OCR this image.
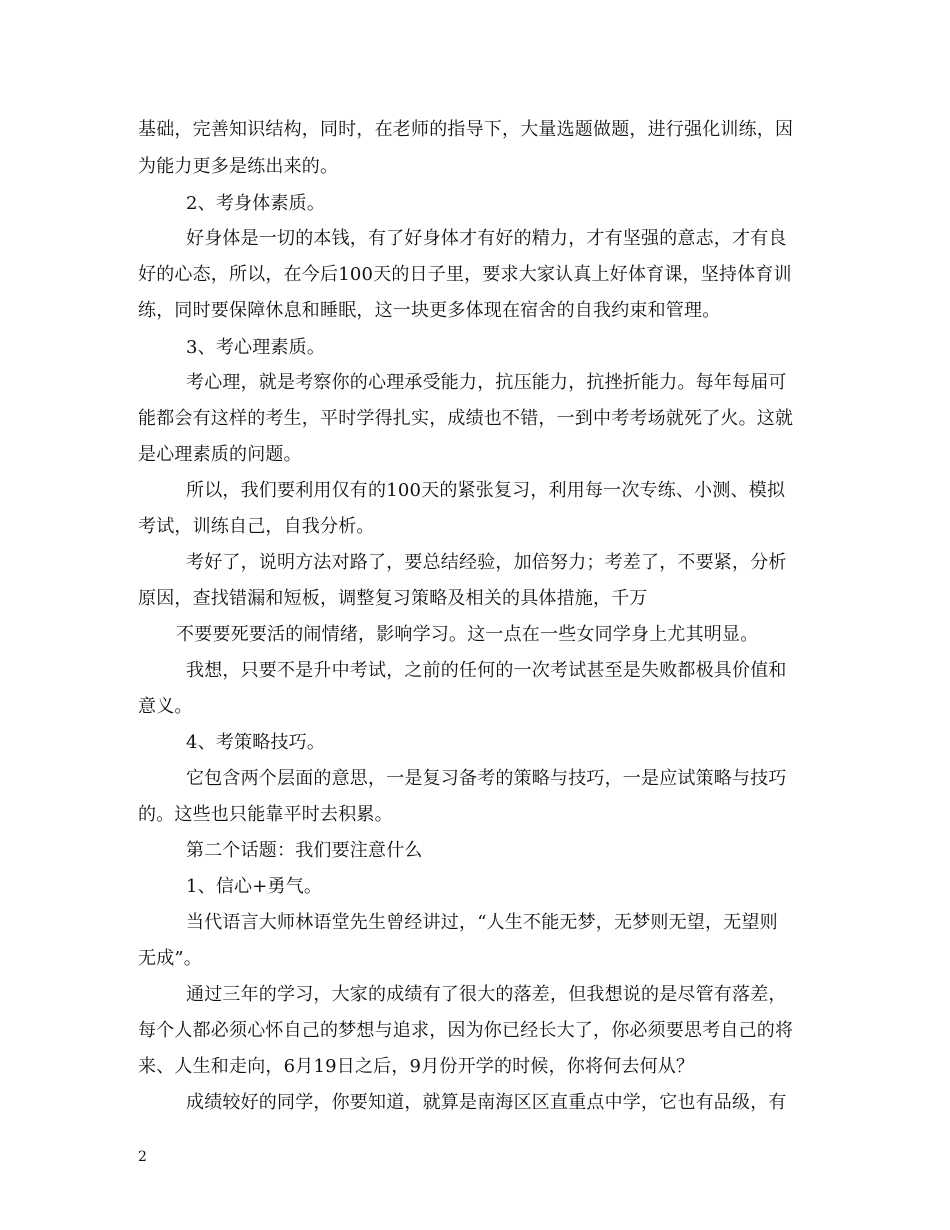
基础，完善知识结构，同时，在老师的指导下，大量选题做题，进行强化训练，因
为能力更多是练出来的。
2、考身体素质。
好身体是一切的本钱，有了好身体才有好的精力，才有坚强的意志，才有良
好的心态，所以，在今后100天的日子里，要求大家认真上好体育课，坚持体育训
练，同时要保障休息和睡眠，这一块更多体现在宿舍的自我约束和管理。
3、考心理素质。
考心理，就是考察你的心理承受能力，抗压能力，抗挫折能力。每年每届可
能都会有这样的考生，平时学得扎实，成绩也不错，一到中考考场就死了火。这就
是心理素质的问题。
所以，我们要利用仅有的100天的紧张复习，利用每一次专练、小测、模拟
考试，训练自己，自我分析。
考好了，说明方法对路了，要总结经验，加倍努力；考差了，不要紧，分析
原因，查找错漏和短板，调整复习策略及相关的具体措施，千万
不要要死要活的闹情绪，影响学习。这一点在一些女同学身上尤其明显。
我想，只要不是升中考试，之前的任何的一次考试甚至是失败都极具价值和
意义。
4、考策略技巧。
它包含两个层面的意思，一是复习备考的策略与技巧，一是应试策略与技巧
的。这些也只能靠平时去积累。
第二个话题：我们要注意什么
1、信心+勇气。
当代语言大师林语堂先生曾经讲过，“人生不能无梦，无梦则无望，无望则
无成”。
通过三年的学习，大家的成绩有了很大的落差，但我想说的是尽管有落差，
每个人都必须心怀自己的梦想与追求，因为你已经长大了，你必须要思考自己的将
来、人生和走向，6月19日之后，9月份开学的时候，你将何去何从？
成绩较好的同学，你要知道，就算是南海区区直重点中学，它也有品级，有
2
